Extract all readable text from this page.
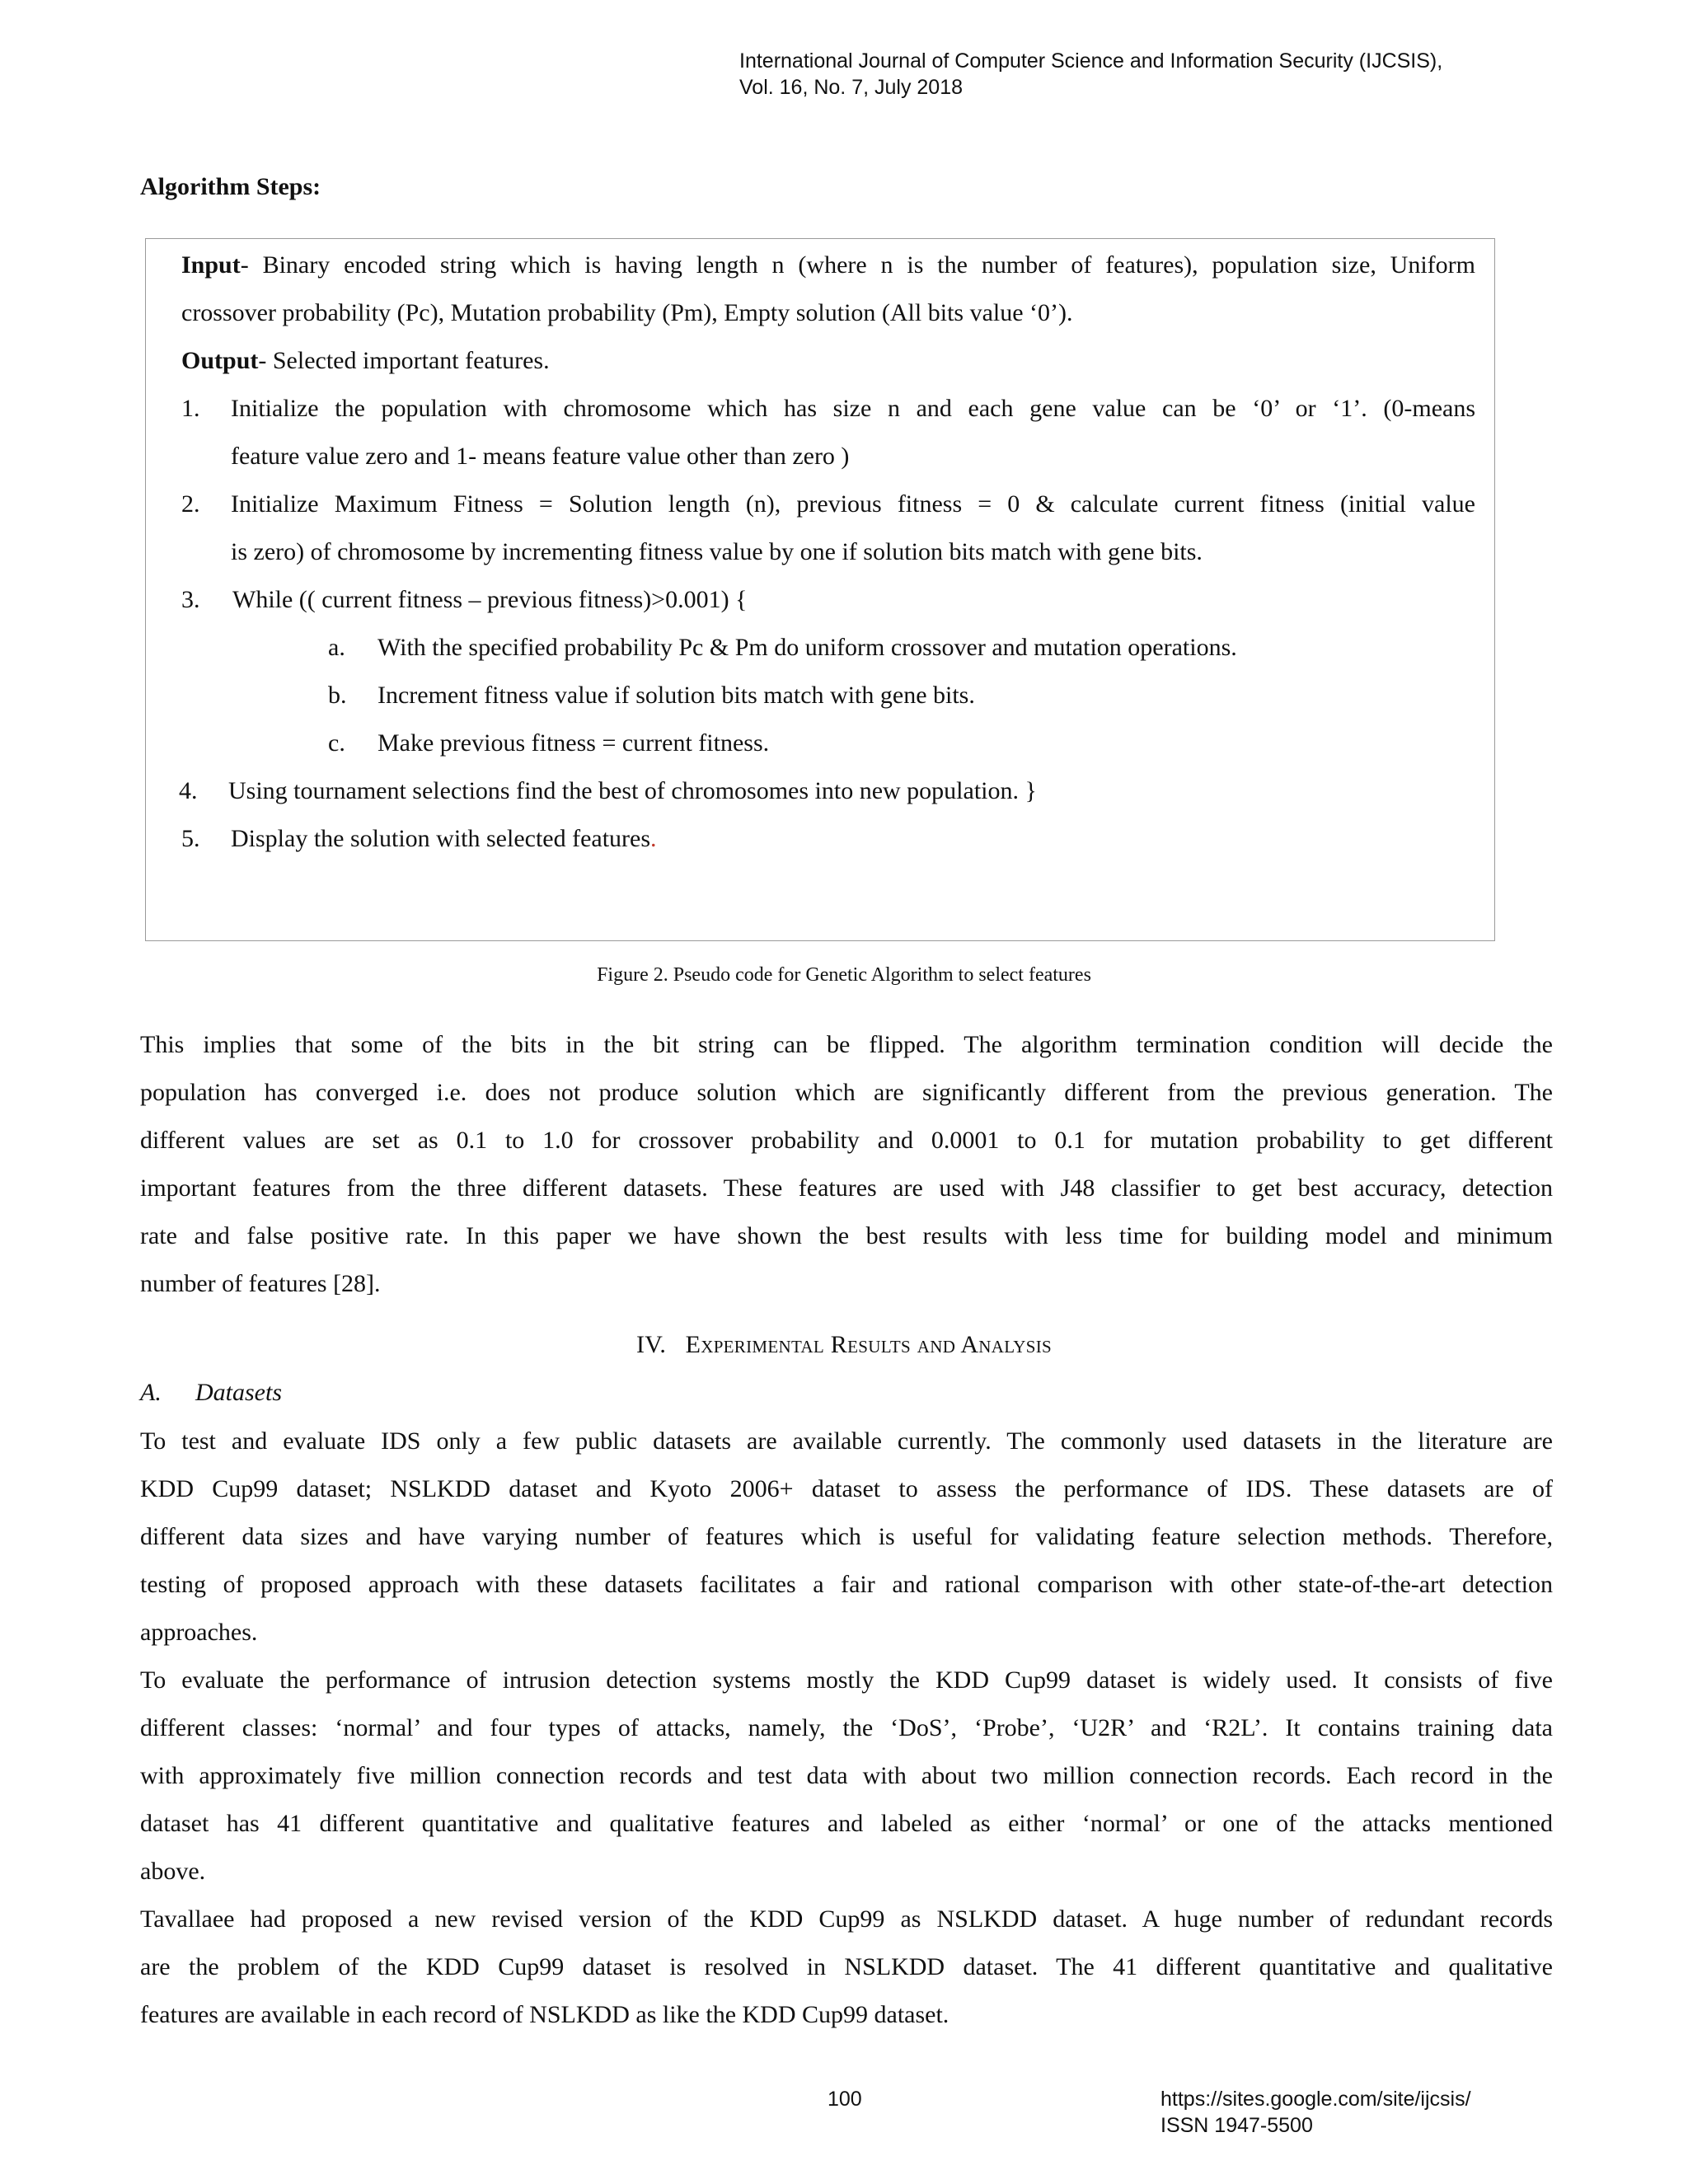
International Journal of Computer Science and Information Security (IJCSIS),
Vol. 16, No. 7, July 2018
Algorithm Steps:
Input- Binary encoded string which is having length n (where n is the number of features), population size, Uniform
crossover probability (Pc), Mutation probability (Pm), Empty solution (All bits value ‘0’).
Output- Selected important features.
1. Initialize the population with chromosome which has size n and each gene value can be ‘0’ or ‘1’. (0-means
feature value zero and 1- means feature value other than zero )
2. Initialize Maximum Fitness = Solution length (n), previous fitness = 0 & calculate current fitness (initial value
is zero) of chromosome by incrementing fitness value by one if solution bits match with gene bits.
3. While (( current fitness – previous fitness)>0.001) {
a. With the specified probability Pc & Pm do uniform crossover and mutation operations.
b. Increment fitness value if solution bits match with gene bits.
c. Make previous fitness = current fitness.
4. Using tournament selections find the best of chromosomes into new population. }
5. Display the solution with selected features.
Figure 2. Pseudo code for Genetic Algorithm to select features
This implies that some of the bits in the bit string can be flipped. The algorithm termination condition will decide the
population has converged i.e. does not produce solution which are significantly different from the previous generation. The
different values are set as 0.1 to 1.0 for crossover probability and 0.0001 to 0.1 for mutation probability to get different
important features from the three different datasets. These features are used with J48 classifier to get best accuracy, detection
rate and false positive rate. In this paper we have shown the best results with less time for building model and minimum
number of features [28].
IV. Experimental Results and Analysis
A. Datasets
To test and evaluate IDS only a few public datasets are available currently. The commonly used datasets in the literature are
KDD Cup99 dataset; NSLKDD dataset and Kyoto 2006+ dataset to assess the performance of IDS. These datasets are of
different data sizes and have varying number of features which is useful for validating feature selection methods. Therefore,
testing of proposed approach with these datasets facilitates a fair and rational comparison with other state-of-the-art detection
approaches.
To evaluate the performance of intrusion detection systems mostly the KDD Cup99 dataset is widely used. It consists of five
different classes: ‘normal’ and four types of attacks, namely, the ‘DoS’, ‘Probe’, ‘U2R’ and ‘R2L’. It contains training data
with approximately five million connection records and test data with about two million connection records. Each record in the
dataset has 41 different quantitative and qualitative features and labeled as either ‘normal’ or one of the attacks mentioned
above.
Tavallaee had proposed a new revised version of the KDD Cup99 as NSLKDD dataset. A huge number of redundant records
are the problem of the KDD Cup99 dataset is resolved in NSLKDD dataset. The 41 different quantitative and qualitative
features are available in each record of NSLKDD as like the KDD Cup99 dataset.
100	https://sites.google.com/site/ijcsis/
ISSN 1947-5500
